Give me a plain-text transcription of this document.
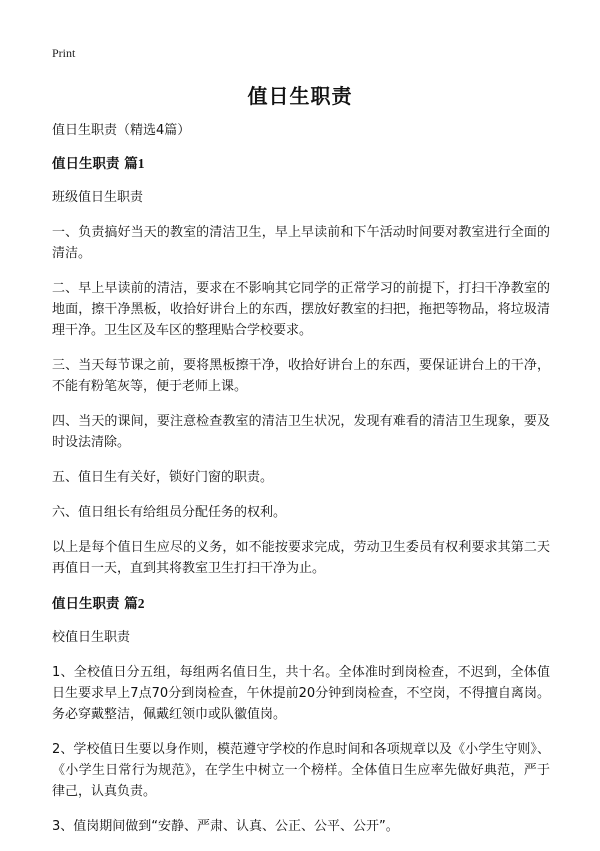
Print
值日生职责

值日生职责（精选4篇）

值日生职责 篇1

班级值日生职责

一、负责搞好当天的教室的清洁卫生，早上早读前和下午活动时间要对教室进行全面的清洁。

二、早上早读前的清洁，要求在不影响其它同学的正常学习的前提下，打扫干净教室的地面，擦干净黑板，收拾好讲台上的东西，摆放好教室的扫把，拖把等物品，将垃圾清理干净。卫生区及车区的整理贴合学校要求。

三、当天每节课之前，要将黑板擦干净，收拾好讲台上的东西，要保证讲台上的干净，不能有粉笔灰等，便于老师上课。

四、当天的课间，要注意检查教室的清洁卫生状况，发现有难看的清洁卫生现象，要及时设法清除。

五、值日生有关好，锁好门窗的职责。

六、值日组长有给组员分配任务的权利。

以上是每个值日生应尽的义务，如不能按要求完成，劳动卫生委员有权利要求其第二天再值日一天，直到其将教室卫生打扫干净为止。

值日生职责 篇2

校值日生职责

1、全校值日分五组，每组两名值日生，共十名。全体准时到岗检查，不迟到，全体值日生要求早上7点70分到岗检查，午休提前20分钟到岗检查，不空岗，不得擅自离岗。务必穿戴整洁，佩戴红领巾或队徽值岗。

2、学校值日生要以身作则，模范遵守学校的作息时间和各项规章以及《小学生守则》、《小学生日常行为规范》，在学生中树立一个榜样。全体值日生应率先做好典范，严于律己，认真负责。

3、值岗期间做到“安静、严肃、认真、公正、公平、公开”。
